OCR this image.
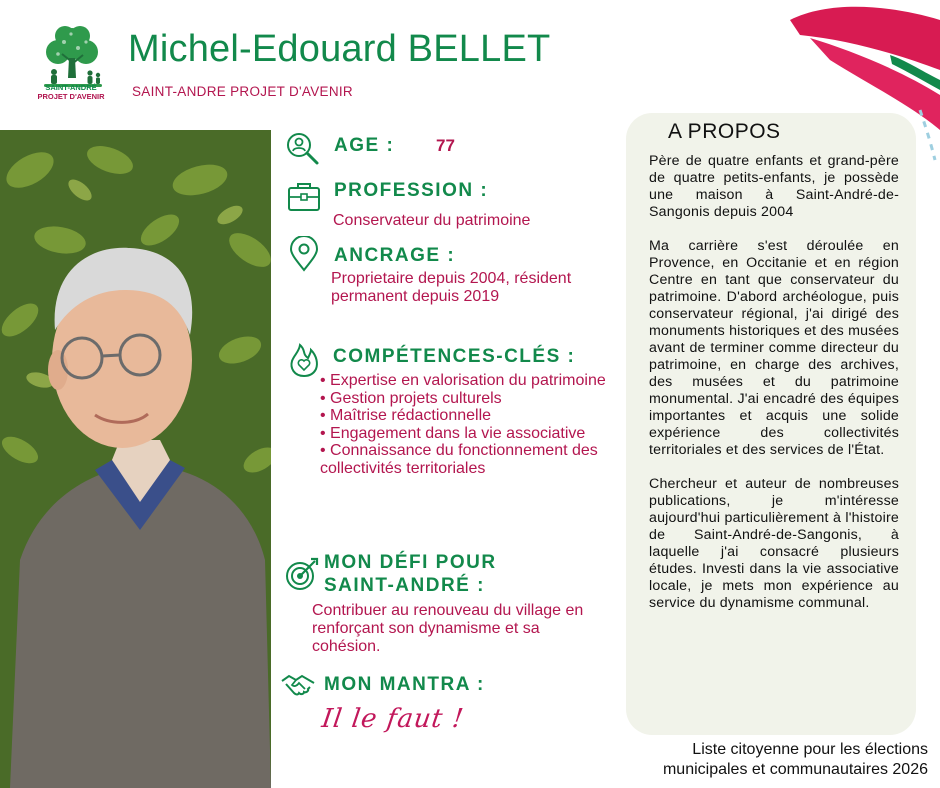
SAINT-ANDRÉ
PROJET D'AVENIR
Michel-Edouard BELLET
SAINT-ANDRE PROJET D'AVENIR
AGE : 77
PROFESSION :
Conservateur du patrimoine
ANCRAGE :
Proprietaire depuis 2004, résident permanent depuis 2019
COMPÉTENCES-CLÉS :
• Expertise en valorisation du patrimoine
• Gestion projets culturels
• Maîtrise rédactionnelle
• Engagement dans la vie associative
• Connaissance du fonctionnement des collectivités territoriales
MON DÉFI POUR
SAINT-ANDRÉ :
Contribuer au renouveau du village en renforçant son dynamisme et sa cohésion.
MON MANTRA :
Il le faut !
A PROPOS

Père de quatre enfants et grand-père de quatre petits-enfants, je possède une maison à Saint-André-de-Sangonis depuis 2004

Ma carrière s'est déroulée en Provence, en Occitanie et en région Centre en tant que conservateur du patrimoine. D'abord archéologue, puis conservateur régional, j'ai dirigé des monuments historiques et des musées avant de terminer comme directeur du patrimoine, en charge des archives, des musées et du patrimoine monumental. J'ai encadré des équipes importantes et acquis une solide expérience des collectivités territoriales et des services de l'État.

Chercheur et auteur de nombreuses publications, je m'intéresse aujourd'hui particulièrement à l'histoire de Saint-André-de-Sangonis, à laquelle j'ai consacré plusieurs études. Investi dans la vie associative locale, je mets mon expérience au service du dynamisme communal.

Liste citoyenne pour les élections
municipales et communautaires 2026
